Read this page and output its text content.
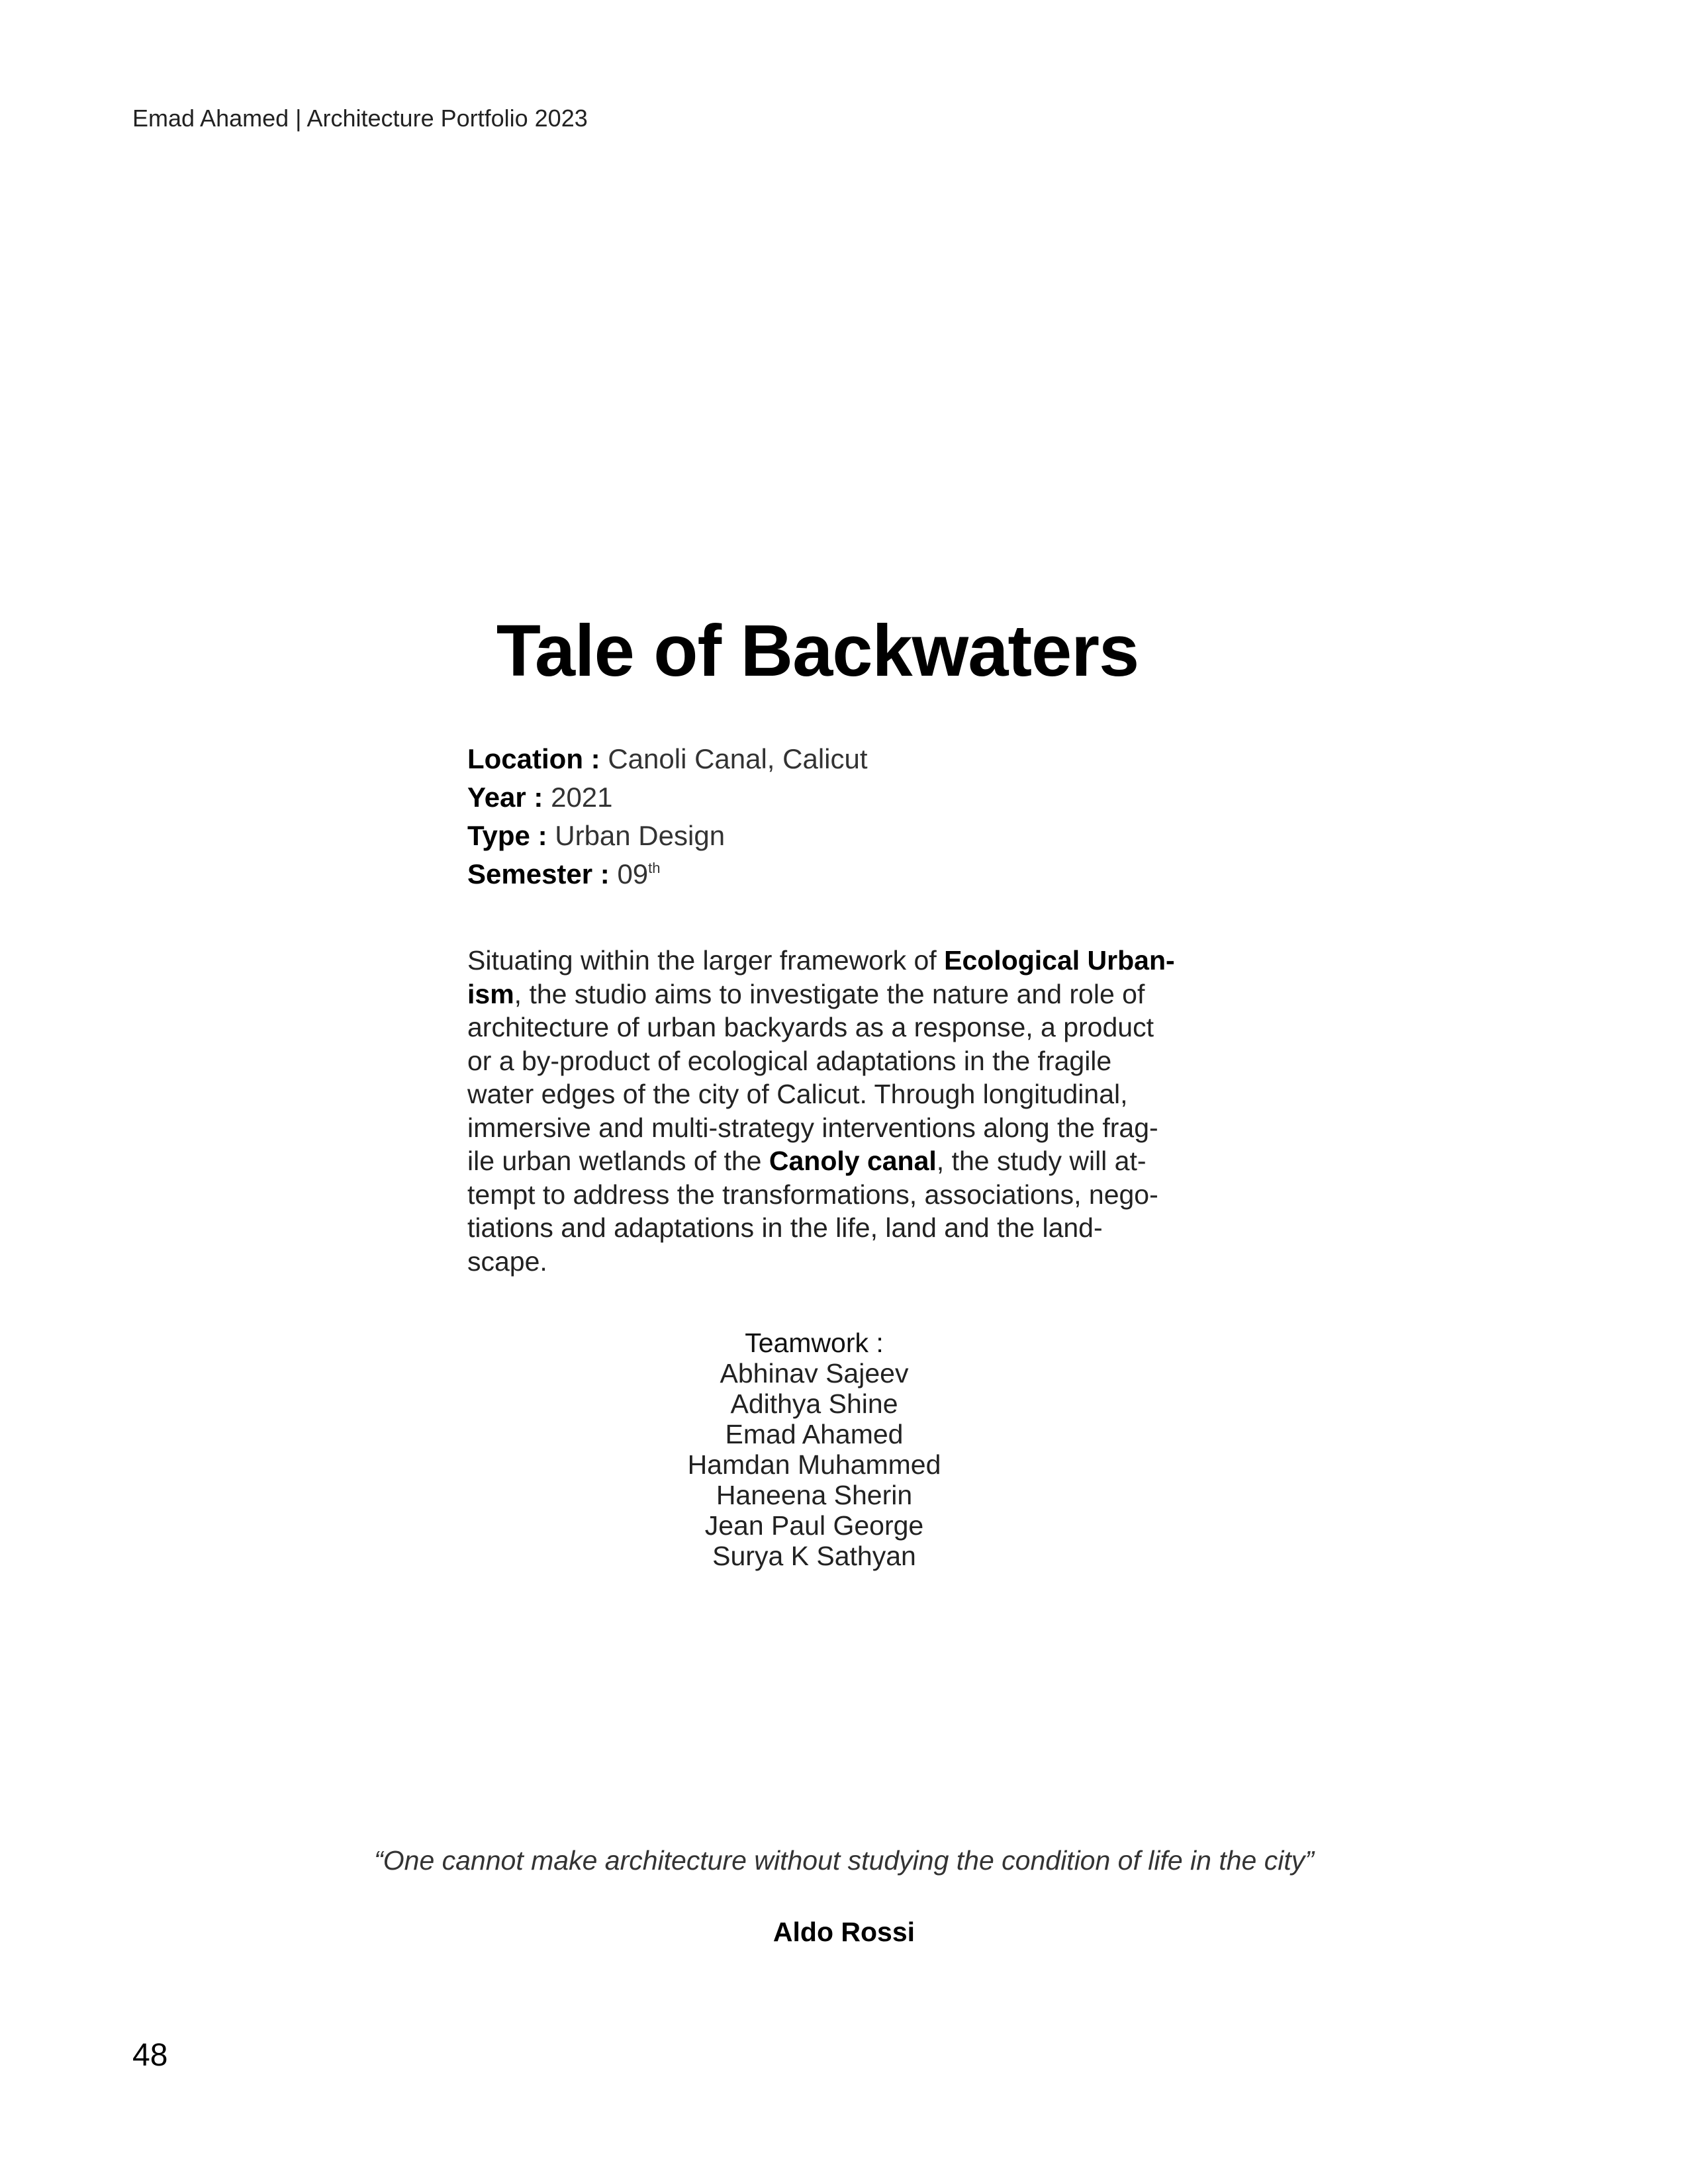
Emad Ahamed | Architecture Portfolio 2023
Tale of Backwaters
Location : Canoli Canal, Calicut
Year : 2021
Type : Urban Design
Semester : 09th
Situating within the larger framework of Ecological Urban-
ism, the studio aims to investigate the nature and role of
architecture of urban backyards as a response, a product
or a by-product of ecological adaptations in the fragile
water edges of the city of Calicut. Through longitudinal,
immersive and multi-strategy interventions along the frag-
ile urban wetlands of the Canoly canal, the study will at-
tempt to address the transformations, associations, nego-
tiations and adaptations in the life, land and the land-
scape.
Teamwork :
Abhinav Sajeev
Adithya Shine
Emad Ahamed
Hamdan Muhammed
Haneena Sherin
Jean Paul George
Surya K Sathyan
“One cannot make architecture without studying the condition of life in the city”
Aldo Rossi
48
